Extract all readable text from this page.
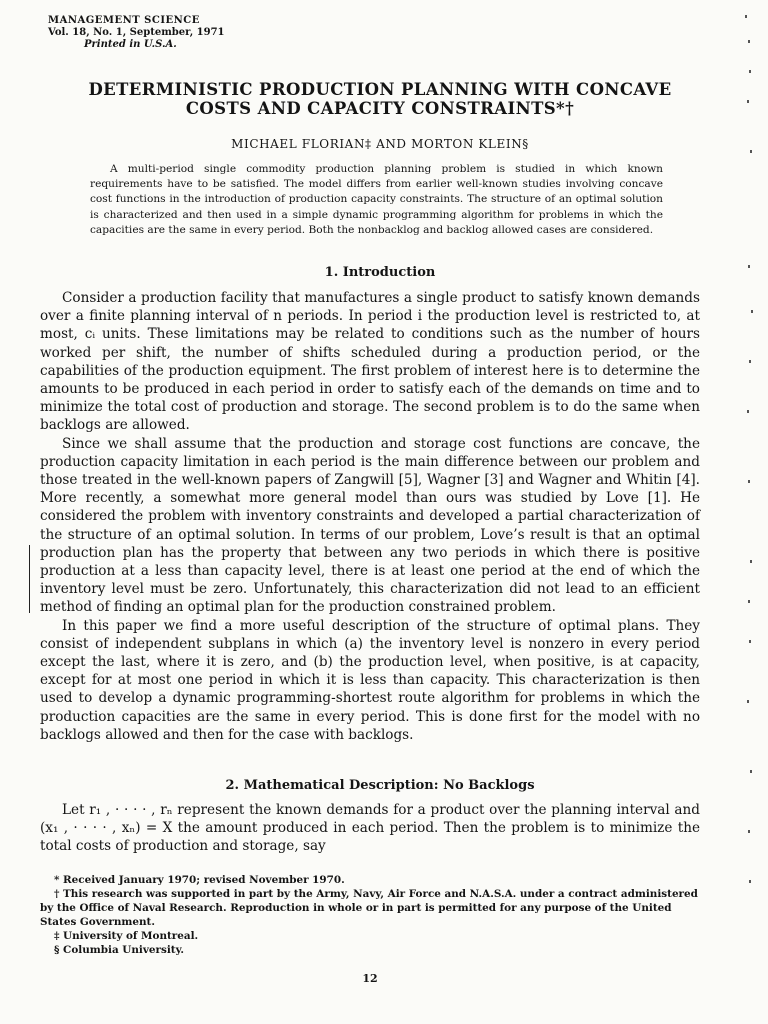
MANAGEMENT SCIENCE
Vol. 18, No. 1, September, 1971
Printed in U.S.A.
DETERMINISTIC PRODUCTION PLANNING WITH CONCAVE
COSTS AND CAPACITY CONSTRAINTS*†
MICHAEL FLORIAN‡ AND MORTON KLEIN§
A multi-period single commodity production planning problem is studied in which known requirements have to be satisfied. The model differs from earlier well-known studies involving concave cost functions in the introduction of production capacity constraints. The structure of an optimal solution is characterized and then used in a simple dynamic programming algorithm for problems in which the capacities are the same in every period. Both the nonbacklog and backlog allowed cases are considered.
1. Introduction

Consider a production facility that manufactures a single product to satisfy known demands over a finite planning interval of n periods. In period i the production level is restricted to, at most, cᵢ units. These limitations may be related to conditions such as the number of hours worked per shift, the number of shifts scheduled during a production period, or the capabilities of the production equipment. The first problem of interest here is to determine the amounts to be produced in each period in order to satisfy each of the demands on time and to minimize the total cost of production and storage. The second problem is to do the same when backlogs are allowed.

Since we shall assume that the production and storage cost functions are concave, the production capacity limitation in each period is the main difference between our problem and those treated in the well-known papers of Zangwill [5], Wagner [3] and Wagner and Whitin [4]. More recently, a somewhat more general model than ours was studied by Love [1]. He considered the problem with inventory constraints and developed a partial characterization of the structure of an optimal solution. In terms of our problem, Love’s result is that an optimal production plan has the property that between any two periods in which there is positive production at a less than capacity level, there is at least one period at the end of which the inventory level must be zero. Unfortunately, this characterization did not lead to an efficient method of finding an optimal plan for the production constrained problem.

In this paper we find a more useful description of the structure of optimal plans. They consist of independent subplans in which (a) the inventory level is nonzero in every period except the last, where it is zero, and (b) the production level, when positive, is at capacity, except for at most one period in which it is less than capacity. This characterization is then used to develop a dynamic programming-shortest route algorithm for problems in which the production capacities are the same in every period. This is done first for the model with no backlogs allowed and then for the case with backlogs.

2. Mathematical Description: No Backlogs

Let r₁ , · · · · , rₙ represent the known demands for a product over the planning interval and (x₁ , · · · · , xₙ) = X the amount produced in each period. Then the problem is to minimize the total costs of production and storage, say

* Received January 1970; revised November 1970.
† This research was supported in part by the Army, Navy, Air Force and N.A.S.A. under a contract administered by the Office of Naval Research. Reproduction in whole or in part is permitted for any purpose of the United States Government.
‡ University of Montreal.
§ Columbia University.
12
